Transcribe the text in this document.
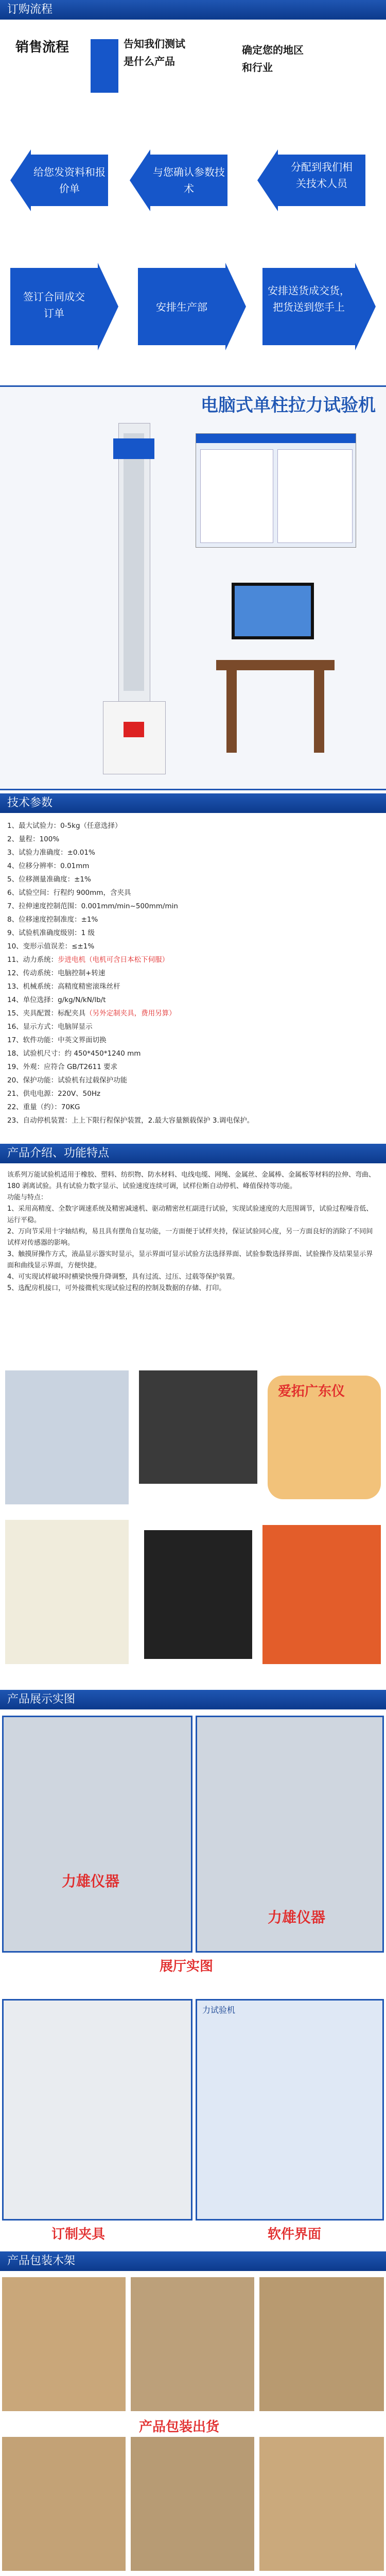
订购流程
销售流程	告知我们测试是什么产品
确定您的地区和行业
给您发资料和报价单
与您确认参数技术
分配到我们相关技术人员
签订合同成交订单	安排生产部
安排送货成交货，把货送到您手上
电脑式单柱拉力试验机
技术参数
1、最大试验力：0-5kg（任意选择）
2、量程：100%
3、试验力准确度：±0.01%
4、位移分辨率：0.01mm
5、位移测量准确度：±1%
6、试验空间：行程约 900mm，含夹具
7、拉伸速度控制范围：0.001mm/min~500mm/min
8、位移速度控制准度：±1%
9、试验机准确度级别：1 级
10、变形示值误差：≤±1%
11、动力系统：步进电机（电机可含日本松下伺服）
12、传动系统：电脑控制+转速
13、机械系统：高精度精密滚珠丝杆
14、单位选择：g/kg/N/kN/lb/t
15、夹具配置：标配夹具（另外定制夹具，费用另算）
16、显示方式：电脑屏显示
17、软件功能：中英文界面切换
18、试验机尺寸：约 450*450*1240 mm
19、外观：应符合 GB/T2611 要求
20、保护功能：试验机有过载保护功能
21、供电电源：220V、50Hz
22、重量（约）：70KG
23、自动停机装置：上上下限行程保护装置，2.最大容量额载保护 3.调电保护。
产品介绍、功能特点
该系列万能试验机适用于橡胶、塑料、纺织物、防水材料、电线电缆、网绳、金属丝、金属棒、金属板等材料的拉伸、弯曲、180 剥离试验。具有试验力数字显示、试验速度连续可调，试样位断自动停机、峰值保持等功能。
功能与特点：
1、采用高精度、全数字调速系统及精密减速机、驱动精密丝杠副进行试验，实现试验速度的大范围调节，试验过程噪音低、运行平稳。
2、万向节采用十字轴结构，易且具有摆角自复功能，一方面便于试样夹持，保证试验同心度，另一方面良好的消除了不同间试样对传感器的影响。
3、触摸屏操作方式，液晶显示器实时显示，显示界面可显示试验方法选择界面、试验参数选择界面、试验操作及结果显示界面和曲线显示界面，方便快捷。
4、可实现试样破坏时横梁快慢升降调整，具有过流、过压、过载等保护装置。
5、选配房机接口，可外接微机实现试验过程的控制及数据的存储、打印。
爱拓广东仪
产品展示实图
力雄仪器
力雄仪器
展厅实图
订制夹具
力试验机
软件界面
产品包装木架
产品包装出货
